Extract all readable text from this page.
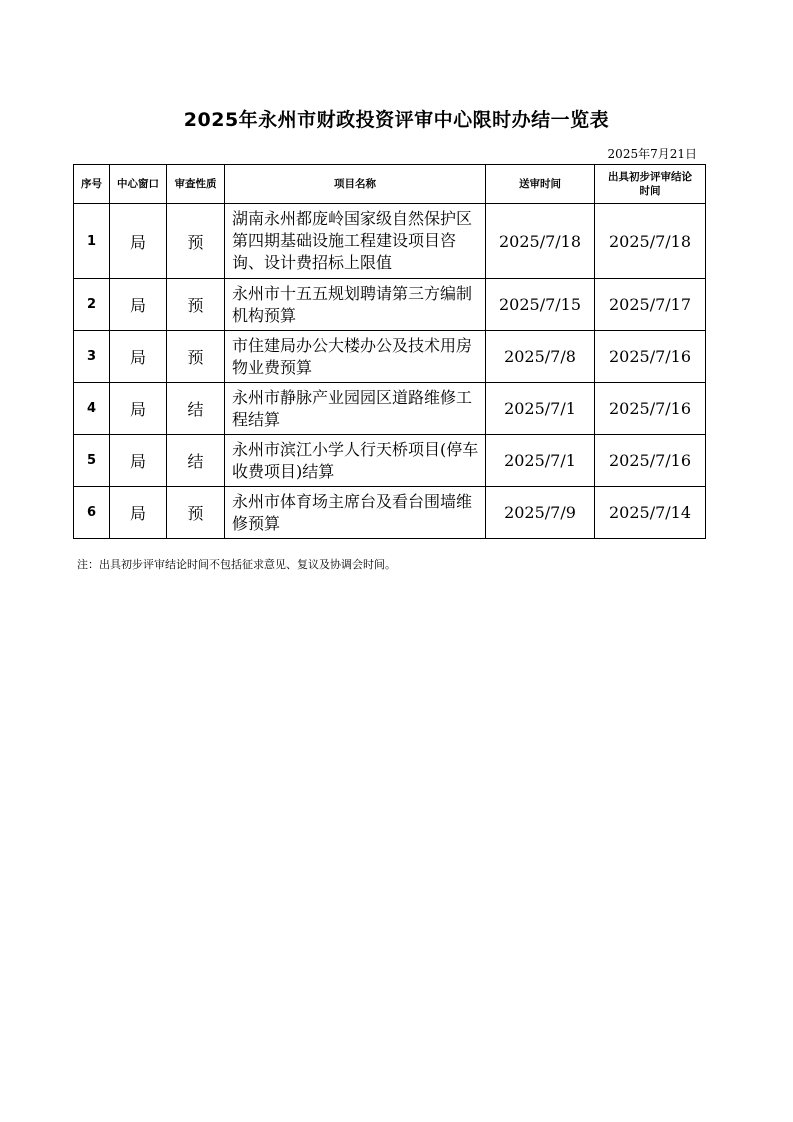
2025年永州市财政投资评审中心限时办结一览表
2025年7月21日
序号	中心窗口	审查性质	项目名称	送审时间	出具初步评审结论时间
1	局	预	湖南永州都庞岭国家级自然保护区第四期基础设施工程建设项目咨询、设计费招标上限值	2025/7/18	2025/7/18
2	局	预	永州市十五五规划聘请第三方编制机构预算	2025/7/15	2025/7/17
3	局	预	市住建局办公大楼办公及技术用房物业费预算	2025/7/8	2025/7/16
4	局	结	永州市静脉产业园园区道路维修工程结算	2025/7/1	2025/7/16
5	局	结	永州市滨江小学人行天桥项目(停车收费项目)结算	2025/7/1	2025/7/16
6	局	预	永州市体育场主席台及看台围墙维修预算	2025/7/9	2025/7/14
注：出具初步评审结论时间不包括征求意见、复议及协调会时间。
